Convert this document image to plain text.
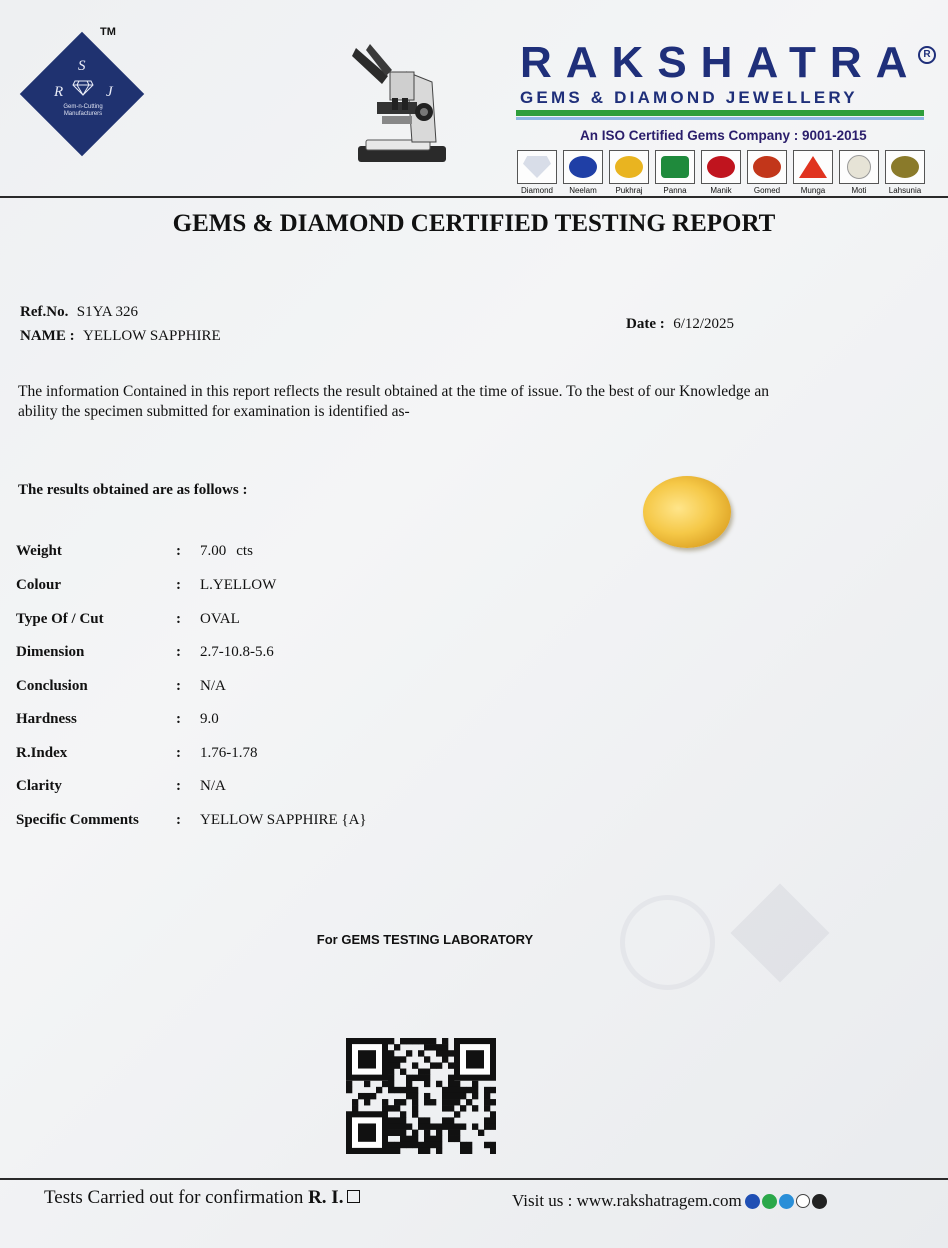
TM
S
R	J
Gem-n-Cutting Manufacturers
RAKSHATRA R
GEMS & DIAMOND JEWELLERY
An ISO Certified Gems Company : 9001-2015
Diamond Neelam Pukhraj	Panna	Manik	Gomed	Munga	Moti	Lahsunia
GEMS & DIAMOND CERTIFIED TESTING REPORT
Ref.No. S1YA 326
NAME : YELLOW SAPPHIRE
Date : 6/12/2025
The information Contained in this report reflects the result obtained at the time of issue. To the best of our Knowledge an ability the specimen submitted for examination is identified as-
The results obtained are as follows :
Weight	:	7.00 cts
Colour	:	L.YELLOW
Type Of / Cut	:	OVAL
Dimension	:	2.7-10.8-5.6
Conclusion	:	N/A
Hardness	:	9.0
R.Index	:	1.76-1.78
Clarity	:	N/A
Specific Comments	:	YELLOW SAPPHIRE {A}
For GEMS TESTING LABORATORY
Tests Carried out for confirmation R. I.	Visit us : www.rakshatragem.com
